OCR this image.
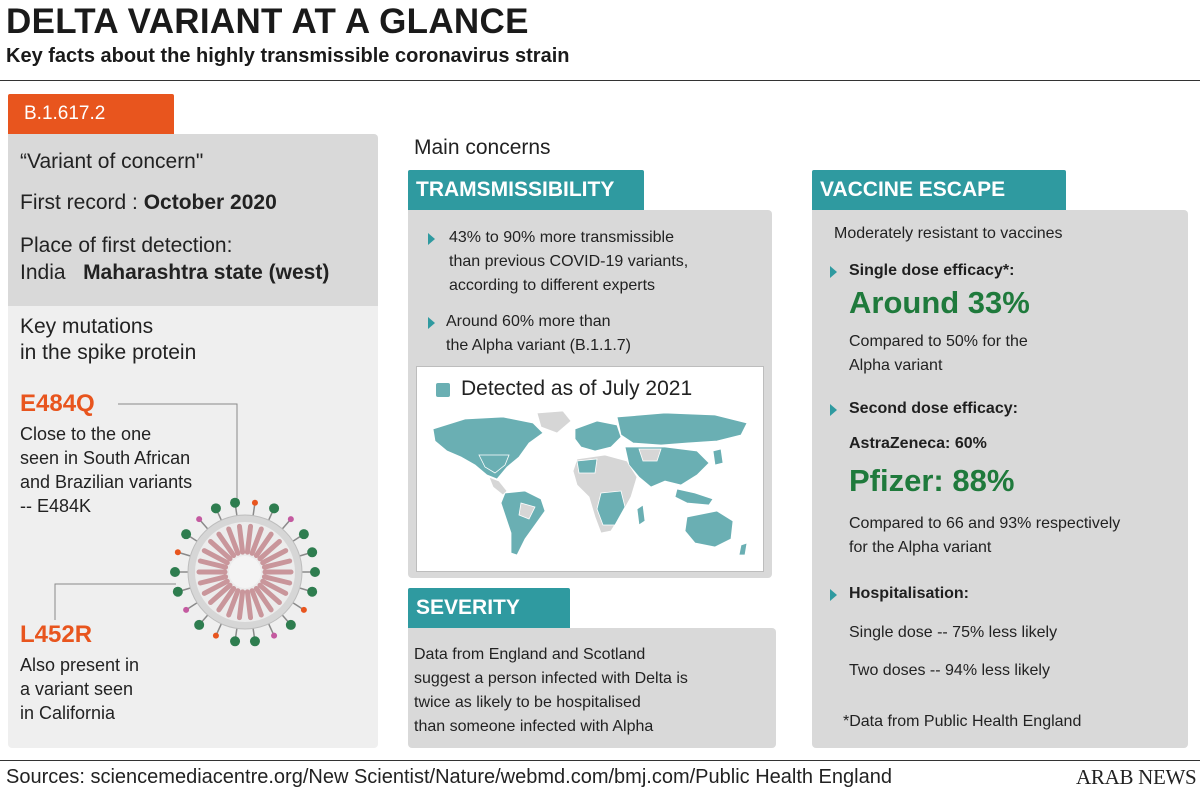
DELTA VARIANT AT A GLANCE
Key facts about the highly transmissible coronavirus strain
B.1.617.2
“Variant of concern"
First record : October 2020
Place of first detection:
India Maharashtra state (west)
Key mutations
in the spike protein
E484Q
Close to the one
seen in South African
and Brazilian variants
-- E484K
L452R
Also present in
a variant seen
in California
Main concerns
TRAMSMISSIBILITY
43% to 90% more transmissible
than previous COVID-19 variants,
according to different experts
Around 60% more than
the Alpha variant (B.1.1.7)
Detected as of July 2021
SEVERITY
Data from England and Scotland
suggest a person infected with Delta is
twice as likely to be hospitalised
than someone infected with Alpha
VACCINE ESCAPE
Moderately resistant to vaccines
Single dose efficacy*:
Around 33%
Compared to 50% for the
Alpha variant
Second dose efficacy:
AstraZeneca: 60%
Pfizer: 88%
Compared to 66 and 93% respectively
for the Alpha variant
Hospitalisation:
Single dose -- 75% less likely
Two doses -- 94% less likely
*Data from Public Health England
Sources: sciencemediacentre.org/New Scientist/Nature/webmd.com/bmj.com/Public Health England	ARAB NEWS
